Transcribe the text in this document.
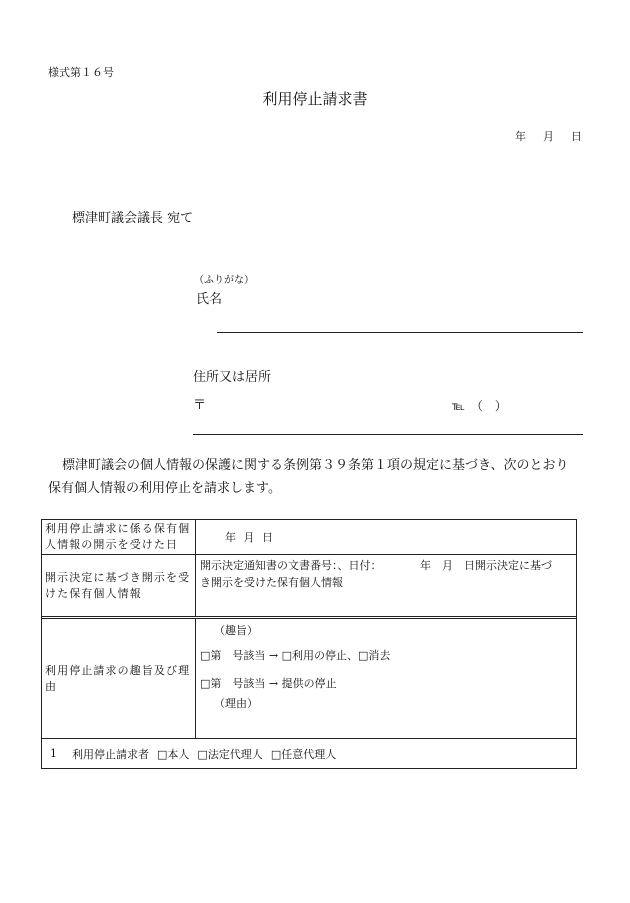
様式第１６号
利用停止請求書
年　月　日
標津町議会議長 宛て
（ふりがな）
氏名
住所又は居所
〒	℡　（　）
標津町議会の個人情報の保護に関する条例第３９条第１項の規定に基づき、次のとおり
保有個人情報の利用停止を請求します。
利用停止請求に係る保有個
人情報の開示を受けた日
年 月 日
開示決定に基づき開示を受
けた保有個人情報
開示決定通知書の文書番号：、日付：　　　　年　月　日開示決定に基づ
き開示を受けた保有個人情報
利用停止請求の趣旨及び理
由
（趣旨）
□第　号該当 → □利用の停止、□消去
□第　号該当 → 提供の停止
（理由）
1 利用停止請求者 □本人 □法定代理人 □任意代理人
